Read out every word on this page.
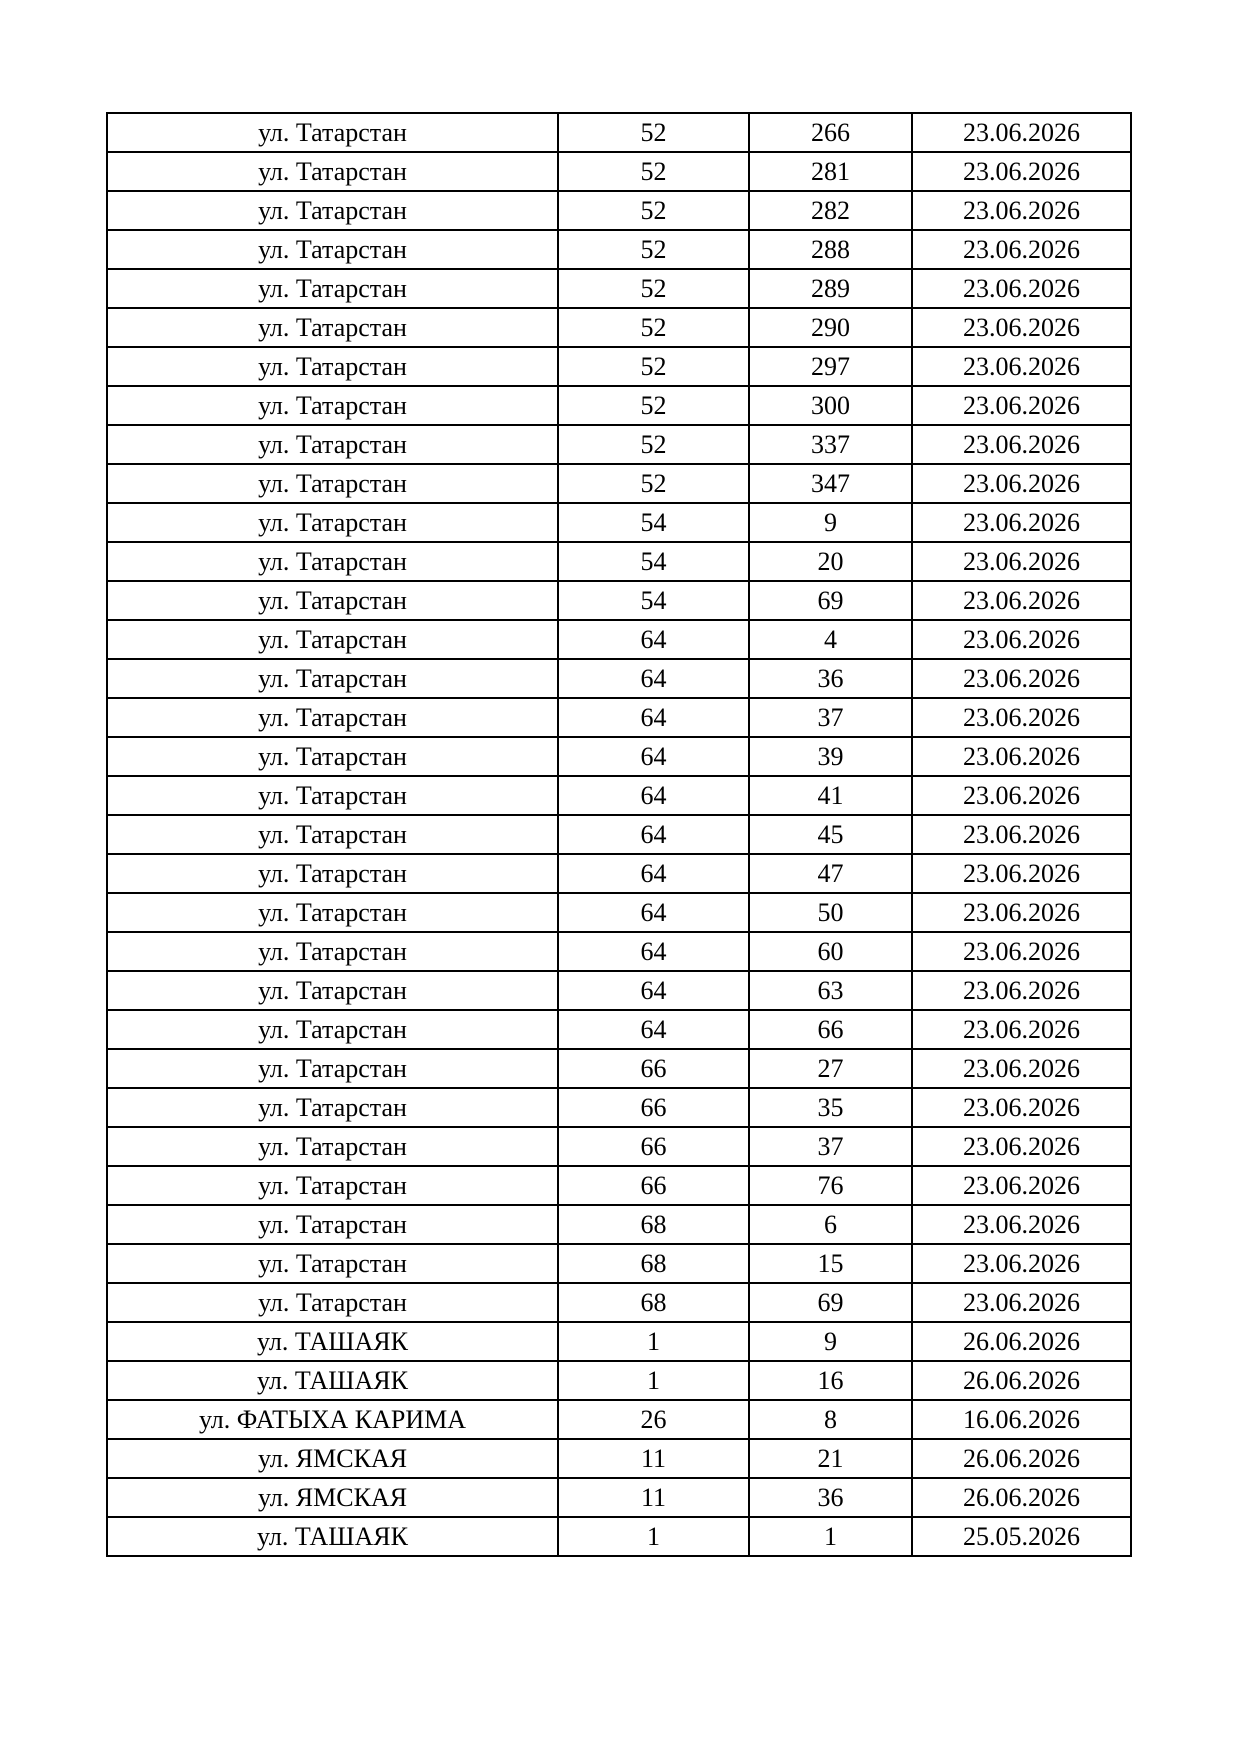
ул. Татарстан	52	266	23.06.2026
ул. Татарстан	52	281	23.06.2026
ул. Татарстан	52	282	23.06.2026
ул. Татарстан	52	288	23.06.2026
ул. Татарстан	52	289	23.06.2026
ул. Татарстан	52	290	23.06.2026
ул. Татарстан	52	297	23.06.2026
ул. Татарстан	52	300	23.06.2026
ул. Татарстан	52	337	23.06.2026
ул. Татарстан	52	347	23.06.2026
ул. Татарстан	54	9	23.06.2026
ул. Татарстан	54	20	23.06.2026
ул. Татарстан	54	69	23.06.2026
ул. Татарстан	64	4	23.06.2026
ул. Татарстан	64	36	23.06.2026
ул. Татарстан	64	37	23.06.2026
ул. Татарстан	64	39	23.06.2026
ул. Татарстан	64	41	23.06.2026
ул. Татарстан	64	45	23.06.2026
ул. Татарстан	64	47	23.06.2026
ул. Татарстан	64	50	23.06.2026
ул. Татарстан	64	60	23.06.2026
ул. Татарстан	64	63	23.06.2026
ул. Татарстан	64	66	23.06.2026
ул. Татарстан	66	27	23.06.2026
ул. Татарстан	66	35	23.06.2026
ул. Татарстан	66	37	23.06.2026
ул. Татарстан	66	76	23.06.2026
ул. Татарстан	68	6	23.06.2026
ул. Татарстан	68	15	23.06.2026
ул. Татарстан	68	69	23.06.2026
ул. ТАШАЯК	1	9	26.06.2026
ул. ТАШАЯК	1	16	26.06.2026
ул. ФАТЫХА КАРИМА	26	8	16.06.2026
ул. ЯМСКАЯ	11	21	26.06.2026
ул. ЯМСКАЯ	11	36	26.06.2026
ул. ТАШАЯК	1	1	25.05.2026
